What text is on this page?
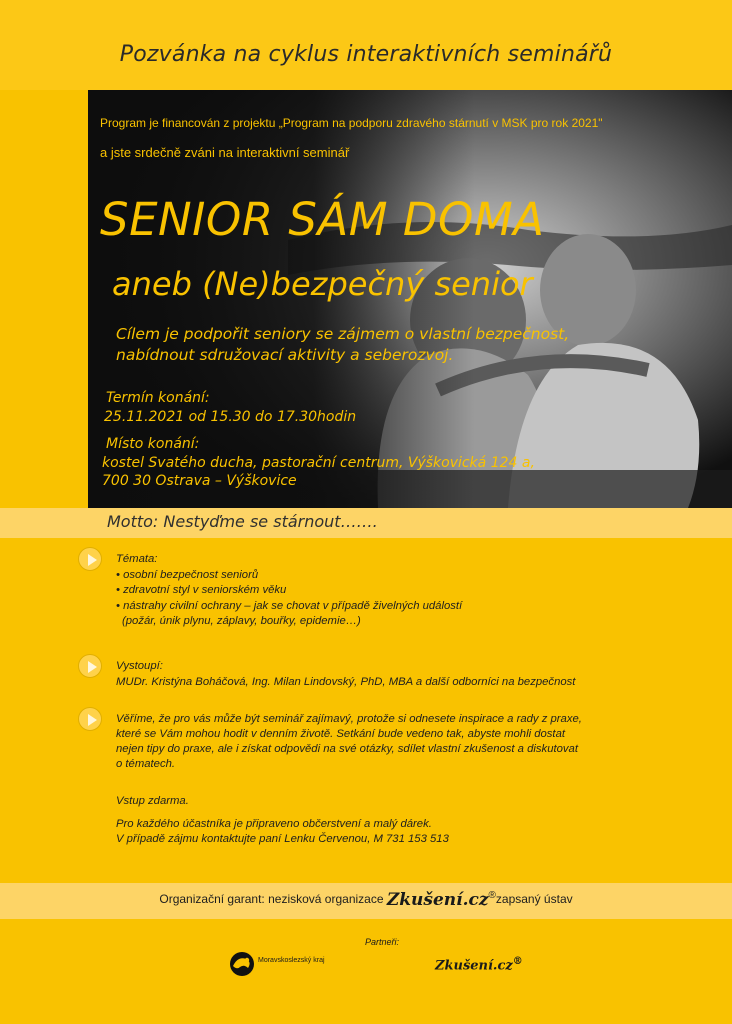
Pozvánka na cyklus interaktivních seminářů
Program je financován z projektu „Program na podporu zdravého stárnutí v MSK pro rok 2021"
a jste srdečně zváni na interaktivní seminář
SENIOR SÁM DOMA
aneb (Ne)bezpečný senior
Cílem je podpořit seniory se zájmem o vlastní bezpečnost,
nabídnout sdružovací aktivity a seberozvoj.
Termín konání:
25.11.2021 od 15.30 do 17.30hodin
Místo konání:
kostel Svatého ducha, pastorační centrum, Výškovická 124 a,
700 30 Ostrava – Výškovice
Motto: Nestyďme se stárnout…….
Témata:
• osobní bezpečnost seniorů
• zdravotní styl v seniorském věku
• nástrahy civilní ochrany – jak se chovat v případě živelných událostí
(požár, únik plynu, záplavy, bouřky, epidemie…)
Vystoupí:
MUDr. Kristýna Boháčová, Ing. Milan Lindovský, PhD, MBA a další odborníci na bezpečnost
Věříme, že pro vás může být seminář zajímavý, protože si odnesete inspirace a rady z praxe,
které se Vám mohou hodit v denním životě. Setkání bude vedeno tak, abyste mohli dostat
nejen tipy do praxe, ale i získat odpovědi na své otázky, sdílet vlastní zkušenost a diskutovat
o tématech.
Vstup zdarma.
Pro každého účastníka je připraveno občerstvení a malý dárek.
V případě zájmu kontaktujte paní Lenku Červenou, M 731 153 513
Organizační garant: nezisková organizace Zkušení.cz®zapsaný ústav
Partneři:
Moravskoslezský kraj	Zkušení.cz®
